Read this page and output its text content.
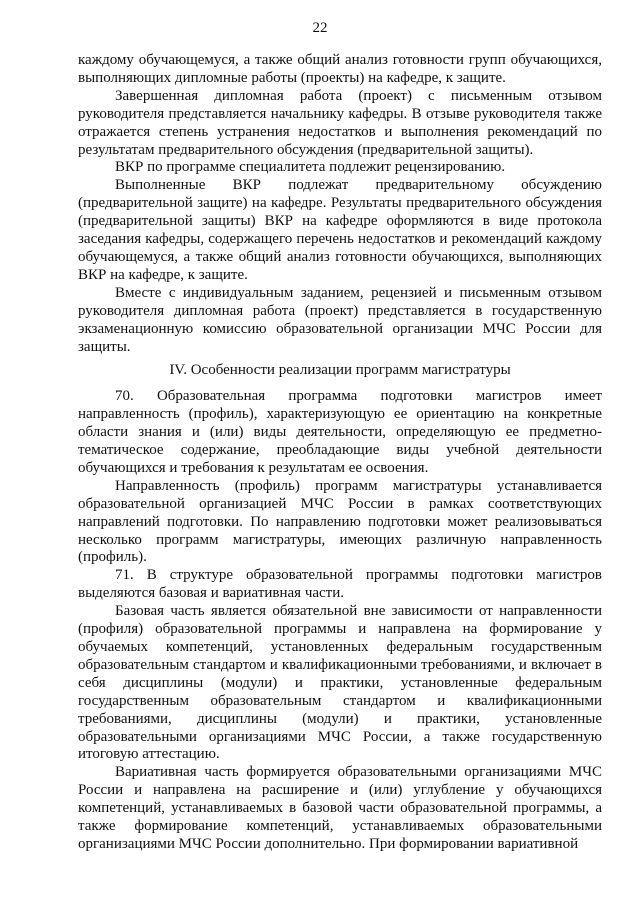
22

каждому обучающемуся, а также общий анализ готовности групп обучающихся, выполняющих дипломные работы (проекты) на кафедре, к защите.

Завершенная дипломная работа (проект) с письменным отзывом руководителя представляется начальнику кафедры. В отзыве руководителя также отражается степень устранения недостатков и выполнения рекомендаций по результатам предварительного обсуждения (предварительной защиты).

ВКР по программе специалитета подлежит рецензированию.

Выполненные ВКР подлежат предварительному обсуждению (предварительной защите) на кафедре. Результаты предварительного обсуждения (предварительной защиты) ВКР на кафедре оформляются в виде протокола заседания кафедры, содержащего перечень недостатков и рекомендаций каждому обучающемуся, а также общий анализ готовности обучающихся, выполняющих ВКР на кафедре, к защите.

Вместе с индивидуальным заданием, рецензией и письменным отзывом руководителя дипломная работа (проект) представляется в государственную экзаменационную комиссию образовательной организации МЧС России для защиты.

IV. Особенности реализации программ магистратуры

70. Образовательная программа подготовки магистров имеет направленность (профиль), характеризующую ее ориентацию на конкретные области знания и (или) виды деятельности, определяющую ее предметно-тематическое содержание, преобладающие виды учебной деятельности обучающихся и требования к результатам ее освоения.

Направленность (профиль) программ магистратуры устанавливается образовательной организацией МЧС России в рамках соответствующих направлений подготовки. По направлению подготовки может реализовываться несколько программ магистратуры, имеющих различную направленность (профиль).

71. В структуре образовательной программы подготовки магистров выделяются базовая и вариативная части.

Базовая часть является обязательной вне зависимости от направленности (профиля) образовательной программы и направлена на формирование у обучаемых компетенций, установленных федеральным государственным образовательным стандартом и квалификационными требованиями, и включает в себя дисциплины (модули) и практики, установленные федеральным государственным образовательным стандартом и квалификационными требованиями, дисциплины (модули) и практики, установленные образовательными организациями МЧС России, а также государственную итоговую аттестацию.

Вариативная часть формируется образовательными организациями МЧС России и направлена на расширение и (или) углубление у обучающихся компетенций, устанавливаемых в базовой части образовательной программы, а также формирование компетенций, устанавливаемых образовательными организациями МЧС России дополнительно. При формировании вариативной
